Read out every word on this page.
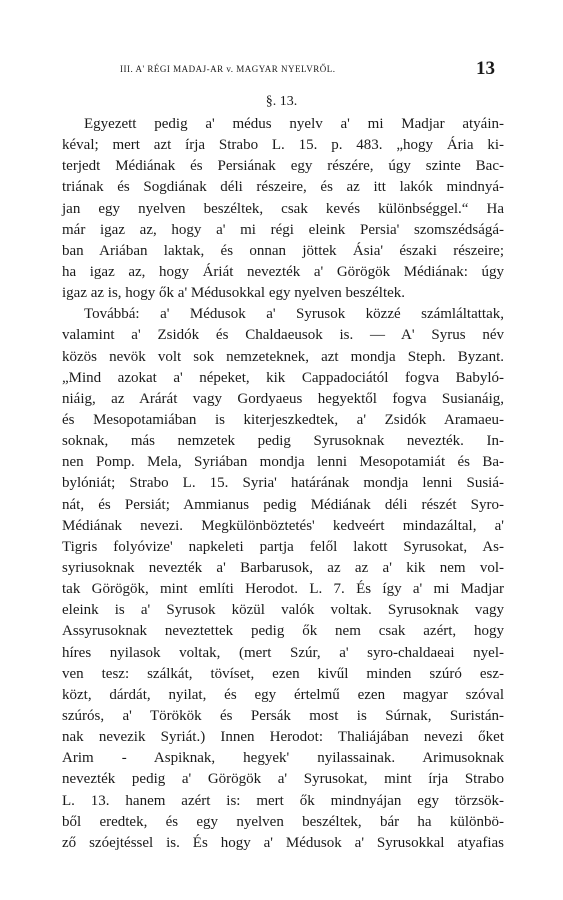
III. A' RÉGI MADAJ-AR v. MAGYAR NYELVRŐL.	13
§. 13.
Egyezett pedig a' médus nyelv a' mi Madjar atyáin-
kéval; mert azt írja Strabo L. 15. p. 483. „hogy Ária ki-
terjedt Médiának és Persiának egy részére, úgy szinte Bac-
triának és Sogdiának déli részeire, és az itt lakók mindnyá-
jan egy nyelven beszéltek, csak kevés különbséggel.“ Ha
már igaz az, hogy a' mi régi eleink Persia' szomszédságá-
ban Ariában laktak, és onnan jöttek Ásia' északi részeire;
ha igaz az, hogy Áriát nevezték a' Görögök Médiának: úgy
igaz az is, hogy ők a' Médusokkal egy nyelven beszéltek.
Továbbá: a' Médusok a' Syrusok közzé számláltattak,
valamint a' Zsidók és Chaldaeusok is. — A' Syrus név
közös nevök volt sok nemzeteknek, azt mondja Steph. Byzant.
„Mind azokat a' népeket, kik Cappadociától fogva Babyló-
niáig, az Arárát vagy Gordyaeus hegyektől fogva Susianáig,
és Mesopotamiában is kiterjeszkedtek, a' Zsidók Aramaeu-
soknak, más nemzetek pedig Syrusoknak nevezték. In-
nen Pomp. Mela, Syriában mondja lenni Mesopotamiát és Ba-
bylóniát; Strabo L. 15. Syria' határának mondja lenni Susiá-
nát, és Persiát; Ammianus pedig Médiának déli részét Syro-
Médiának nevezi. Megkülönböztetés' kedveért mindazáltal, a'
Tigris folyóvize' napkeleti partja felől lakott Syrusokat, As-
syriusoknak nevezték a' Barbarusok, az az a' kik nem vol-
tak Görögök, mint említi Herodot. L. 7. És így a' mi Madjar
eleink is a' Syrusok közül valók voltak. Syrusoknak vagy
Assyrusoknak neveztettek pedig ők nem csak azért, hogy
híres nyilasok voltak, (mert Szúr, a' syro-chaldaeai nyel-
ven tesz: szálkát, tövíset, ezen kivűl minden szúró esz-
közt, dárdát, nyilat, és egy értelmű ezen magyar szóval
szúrós, a' Törökök és Persák most is Súrnak, Suristán-
nak nevezik Syriát.) Innen Herodot: Thaliájában nevezi őket
Arim - Aspiknak, hegyek' nyilassainak. Arimusoknak
nevezték pedig a' Görögök a' Syrusokat, mint írja Strabo
L. 13. hanem azért is: mert ők mindnyájan egy törzsök-
ből eredtek, és egy nyelven beszéltek, bár ha különbö-
ző szóejtéssel is. És hogy a' Médusok a' Syrusokkal atyafias
